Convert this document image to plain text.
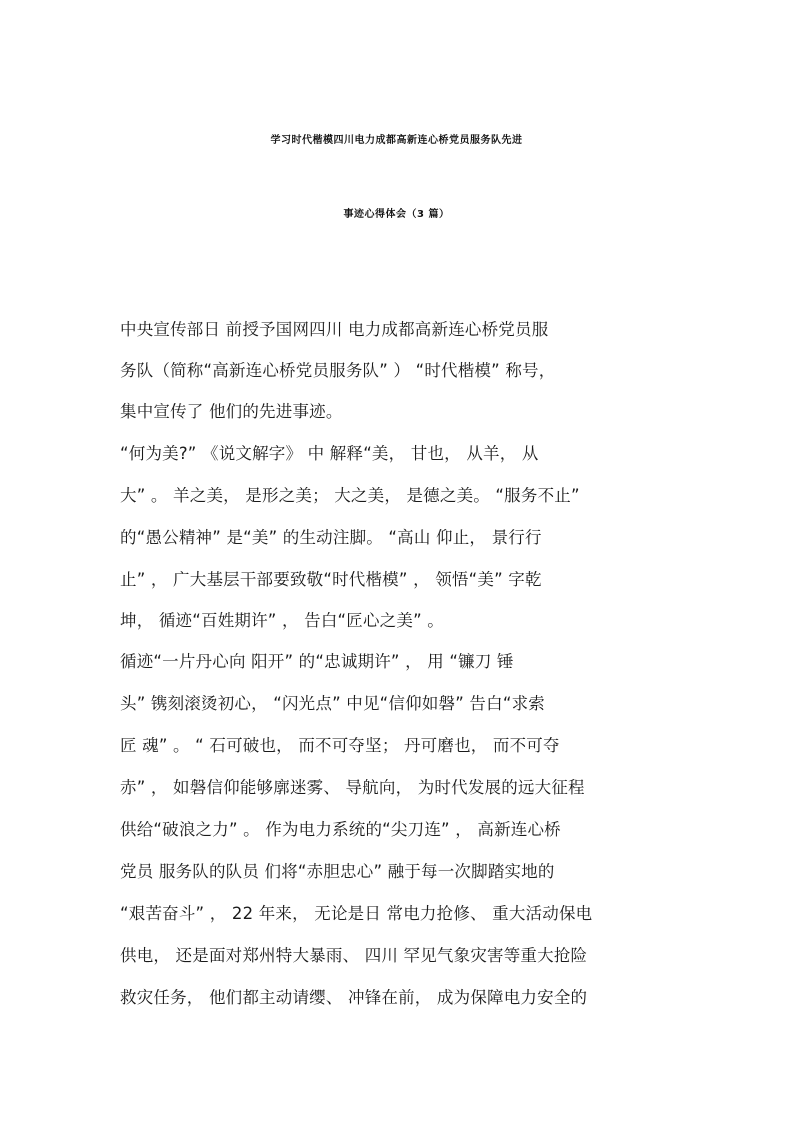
学习时代楷模四川电力成都高新连心桥党员服务队先进
事迹心得体会（3 篇）
中央宣传部日 前授予国网四川 电力成都高新连心桥党员服
务队（简称“高新连心桥党员服务队” ） “时代楷模” 称号，
集中宣传了 他们的先进事迹。
“何为美?” 《说文解字》 中 解释“美， 甘也， 从羊， 从
大” 。 羊之美， 是形之美； 大之美， 是德之美。 “服务不止”
的“愚公精神” 是“美” 的生动注脚。 “高山 仰止， 景行行
止” ， 广大基层干部要致敬“时代楷模” ， 领悟“美” 字乾
坤， 循迹“百姓期许” ， 告白“匠心之美” 。
循迹“一片丹心向 阳开” 的“忠诚期许” ， 用 “镰刀 锤
头” 镌刻滚烫初心， “闪光点” 中见“信仰如磐” 告白“求索
匠 魂” 。 “ 石可破也， 而不可夺坚； 丹可磨也， 而不可夺
赤” ， 如磐信仰能够廓迷雾、 导航向， 为时代发展的远大征程
供给“破浪之力” 。 作为电力系统的“尖刀连” ， 高新连心桥
党员 服务队的队员 们将“赤胆忠心” 融于每一次脚踏实地的
“艰苦奋斗” ， 22 年来， 无论是日 常电力抢修、 重大活动保电
供电， 还是面对郑州特大暴雨、 四川 罕见气象灾害等重大抢险
救灾任务， 他们都主动请缨、 冲锋在前， 成为保障电力安全的
